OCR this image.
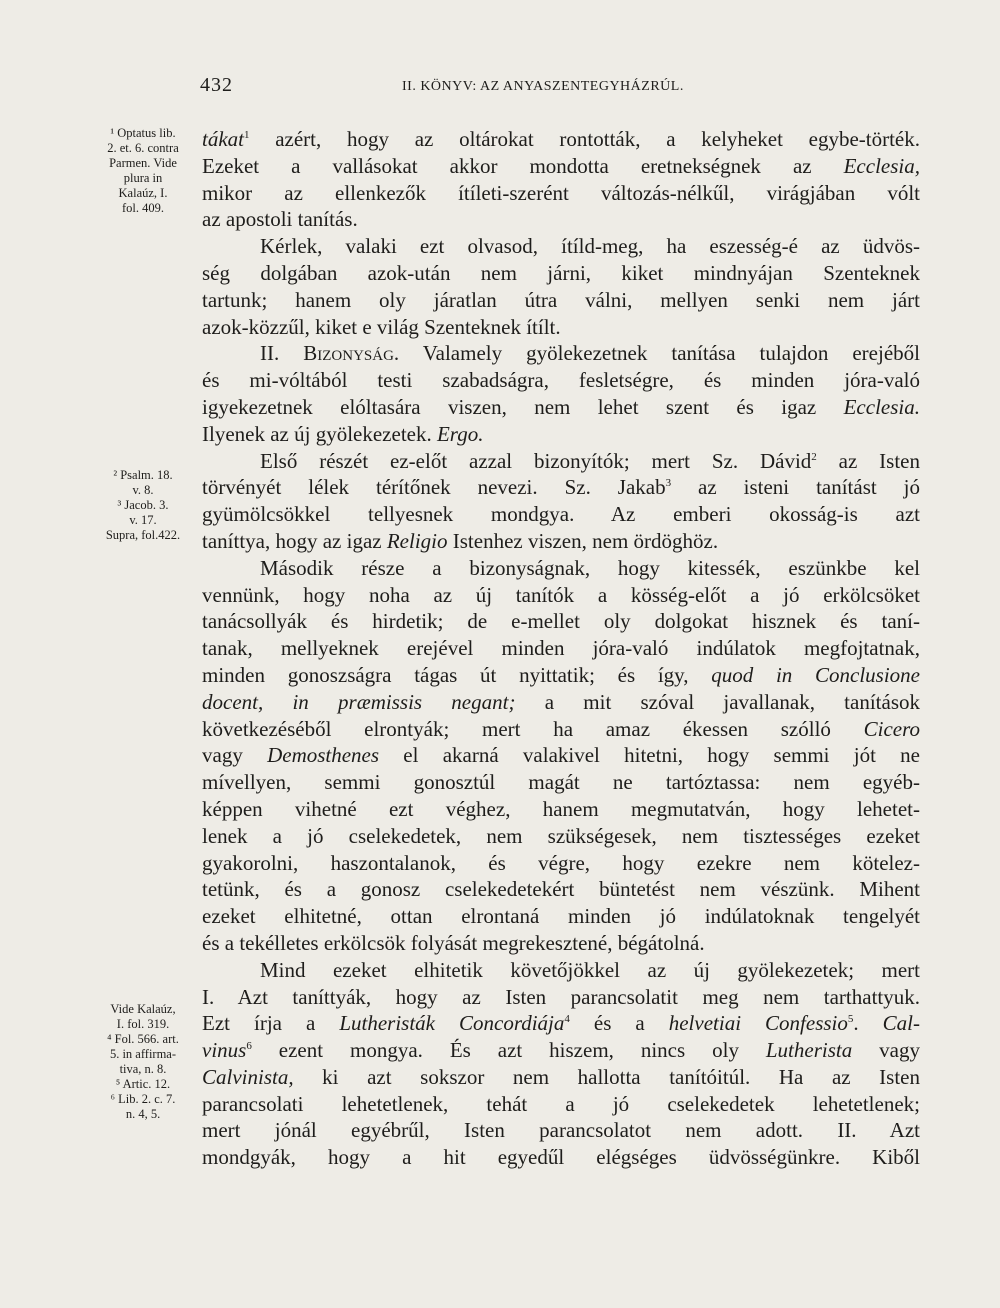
432	II. KÖNYV: AZ ANYASZENTEGYHÁZRÚL.
¹ Optatus lib.
2. et. 6. contra
Parmen. Vide
plura in
Kalaúz, I.
fol. 409.
² Psalm. 18.
v. 8.
³ Jacob. 3.
v. 17.
Supra, fol.422.
Vide Kalaúz,
I. fol. 319.
⁴ Fol. 566. art.
5. in affirma-
tiva, n. 8.
⁵ Artic. 12.
⁶ Lib. 2. c. 7.
n. 4, 5.
tákat$^1$ azért, hogy az oltárokat rontották, a kelyheket egybe-törték.
Ezeket a vallásokat akkor mondotta eretnekségnek az Ecclesia,
mikor az ellenkezők ítíleti-szerént változás-nélkűl, virágjában vólt
az apostoli tanítás.
Kérlek, valaki ezt olvasod, ítíld-meg, ha eszesség-é az üdvös-
ség dolgában azok-után nem járni, kiket mindnyájan Szenteknek
tartunk; hanem oly járatlan útra válni, mellyen senki nem járt
azok-közzűl, kiket e világ Szenteknek ítílt.
II. Bizonyság. Valamely gyölekezetnek tanítása tulajdon erejéből
és mi-vóltából testi szabadságra, fesletségre, és minden jóra-való
igyekezetnek elóltasára viszen, nem lehet szent és igaz Ecclesia.
Ilyenek az új gyölekezetek. Ergo.
Első részét ez-előt azzal bizonyítók; mert Sz. Dávid$^2$ az Isten
törvényét lélek térítőnek nevezi. Sz. Jakab$^3$ az isteni tanítást jó
gyümölcsökkel tellyesnek mondgya. Az emberi okosság-is azt
taníttya, hogy az igaz Religio Istenhez viszen, nem ördöghöz.
Második része a bizonyságnak, hogy kitessék, eszünkbe kel
vennünk, hogy noha az új tanítók a kösség-előt a jó erkölcsöket
tanácsollyák és hirdetik; de e-mellet oly dolgokat hisznek és taní-
tanak, mellyeknek erejével minden jóra-való indúlatok megfojtatnak,
minden gonoszságra tágas út nyittatik; és így, quod in Conclusione
docent, in præmissis negant; a mit szóval javallanak, tanítások
következéséből elrontyák; mert ha amaz ékessen szólló Cicero
vagy Demosthenes el akarná valakivel hitetni, hogy semmi jót ne
mívellyen, semmi gonosztúl magát ne tartóztassa: nem egyéb-
képpen vihetné ezt véghez, hanem megmutatván, hogy lehetet-
lenek a jó cselekedetek, nem szükségesek, nem tisztességes ezeket
gyakorolni, haszontalanok, és végre, hogy ezekre nem kötelez-
tetünk, és a gonosz cselekedetekért büntetést nem vészünk. Mihent
ezeket elhitetné, ottan elrontaná minden jó indúlatoknak tengelyét
és a tekélletes erkölcsök folyását megrekesztené, bégátolná.
Mind ezeket elhitetik követőjökkel az új gyölekezetek; mert
I. Azt taníttyák, hogy az Isten parancsolatit meg nem tarthattyuk.
Ezt írja a Lutheristák Concordiája$^4$ és a helvetiai Confessio$^5$. Cal-
vinus$^6$ ezent mongya. És azt hiszem, nincs oly Lutherista vagy
Calvinista, ki azt sokszor nem hallotta tanítóitúl. Ha az Isten
parancsolati lehetetlenek, tehát a jó cselekedetek lehetetlenek;
mert jónál egyébrűl, Isten parancsolatot nem adott. II. Azt
mondgyák, hogy a hit egyedűl elégséges üdvösségünkre. Kiből
